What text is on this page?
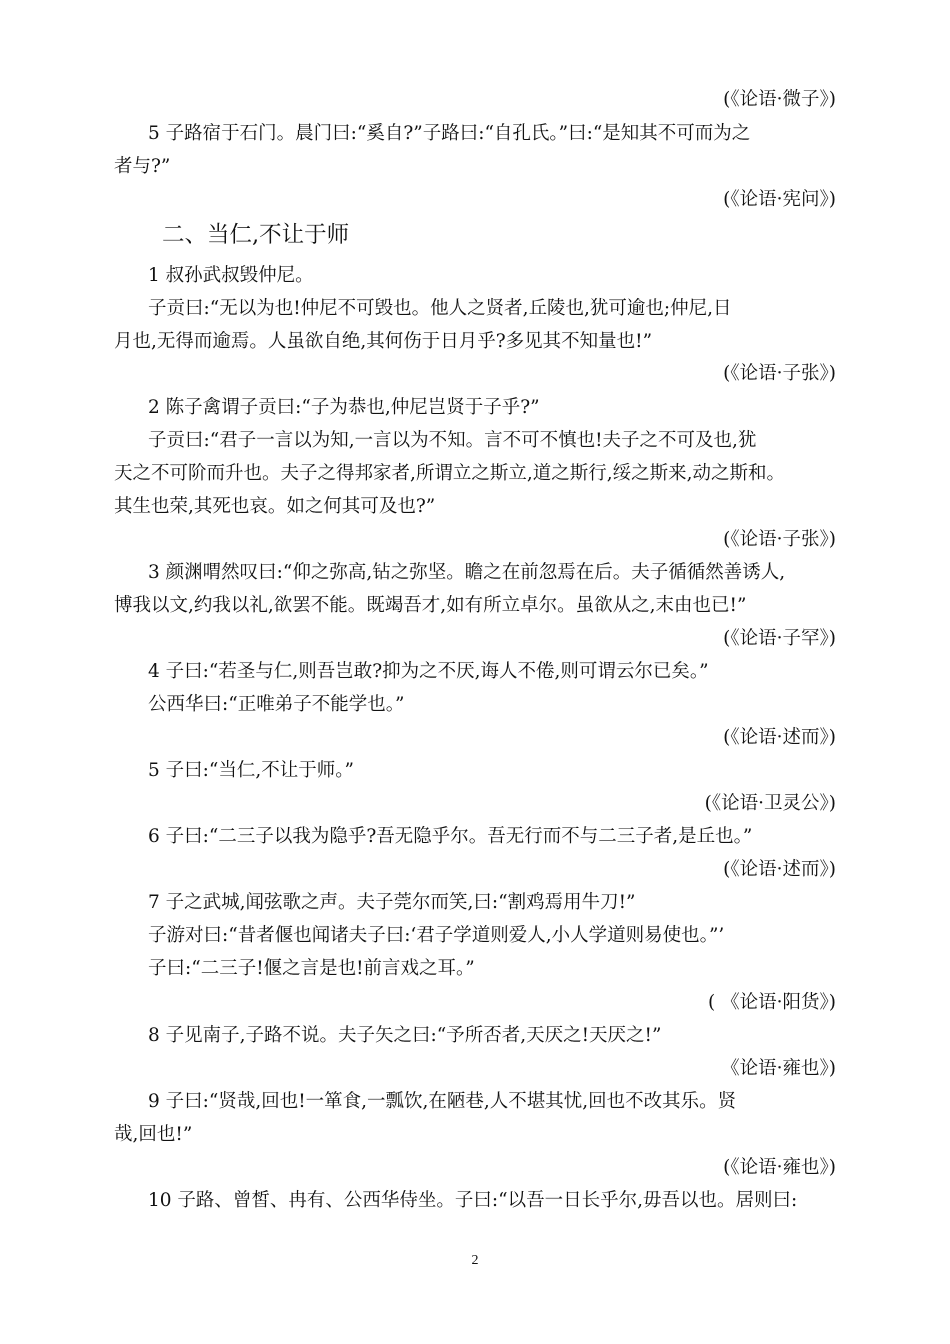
(《论语·微子》)
5 子路宿于石门。晨门曰:“奚自?”子路曰:“自孔氏。”曰:“是知其不可而为之
者与?”
(《论语·宪问》)
二、当仁,不让于师
1 叔孙武叔毁仲尼。
子贡曰:“无以为也!仲尼不可毁也。他人之贤者,丘陵也,犹可逾也;仲尼,日
月也,无得而逾焉。人虽欲自绝,其何伤于日月乎?多见其不知量也!”
(《论语·子张》)
2 陈子禽谓子贡曰:“子为恭也,仲尼岂贤于子乎?”
子贡曰:“君子一言以为知,一言以为不知。言不可不慎也!夫子之不可及也,犹
天之不可阶而升也。夫子之得邦家者,所谓立之斯立,道之斯行,绥之斯来,动之斯和。
其生也荣,其死也哀。如之何其可及也?”
(《论语·子张》)
3 颜渊喟然叹曰:“仰之弥高,钻之弥坚。瞻之在前忽焉在后。夫子循循然善诱人,
博我以文,约我以礼,欲罢不能。既竭吾才,如有所立卓尔。虽欲从之,末由也已!”
(《论语·子罕》)
4 子曰:“若圣与仁,则吾岂敢?抑为之不厌,诲人不倦,则可谓云尔已矣。”
公西华曰:“正唯弟子不能学也。”
(《论语·述而》)
5 子曰:“当仁,不让于师。”
(《论语·卫灵公》)
6 子曰:“二三子以我为隐乎?吾无隐乎尔。吾无行而不与二三子者,是丘也。”
(《论语·述而》)
7 子之武城,闻弦歌之声。夫子莞尔而笑,曰:“割鸡焉用牛刀!”
子游对曰:“昔者偃也闻诸夫子曰:‘君子学道则爱人,小人学道则易使也。”’
子曰:“二三子!偃之言是也!前言戏之耳。”
( 《论语·阳货》)
8 子见南子,子路不说。夫子矢之曰:“予所否者,天厌之!天厌之!”
《论语·雍也》)
9 子曰:“贤哉,回也!一箪食,一瓢饮,在陋巷,人不堪其忧,回也不改其乐。贤
哉,回也!”
(《论语·雍也》)
10 子路、曾皙、冉有、公西华侍坐。子曰:“以吾一日长乎尔,毋吾以也。居则曰:
2
